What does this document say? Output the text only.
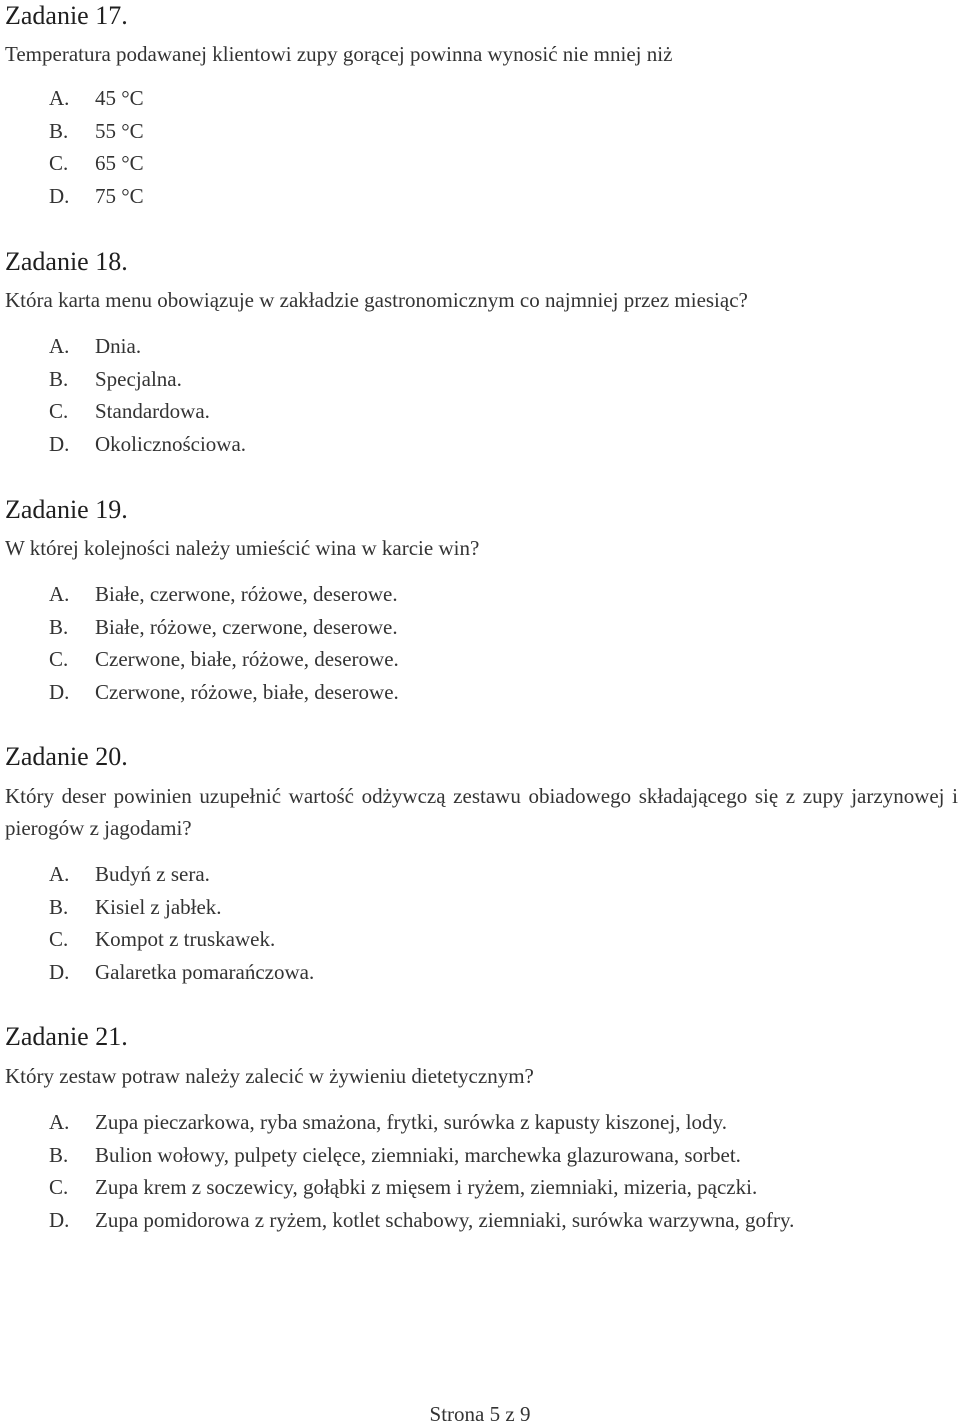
Zadanie 17.

Temperatura podawanej klientowi zupy gorącej powinna wynosić nie mniej niż

A. 45 °C
B. 55 °C
C. 65 °C
D. 75 °C
Zadanie 18.

Która karta menu obowiązuje w zakładzie gastronomicznym co najmniej przez miesiąc?

A. Dnia.
B. Specjalna.
C. Standardowa.
D. Okolicznościowa.
Zadanie 19.

W której kolejności należy umieścić wina w karcie win?

A. Białe, czerwone, różowe, deserowe.
B. Białe, różowe, czerwone, deserowe.
C. Czerwone, białe, różowe, deserowe.
D. Czerwone, różowe, białe, deserowe.
Zadanie 20.

Który deser powinien uzupełnić wartość odżywczą zestawu obiadowego składającego się z zupy jarzynowej i pierogów z jagodami?

A. Budyń z sera.
B. Kisiel z jabłek.
C. Kompot z truskawek.
D. Galaretka pomarańczowa.
Zadanie 21.

Który zestaw potraw należy zalecić w żywieniu dietetycznym?

A. Zupa pieczarkowa, ryba smażona, frytki, surówka z kapusty kiszonej, lody.
B. Bulion wołowy, pulpety cielęce, ziemniaki, marchewka glazurowana, sorbet.
C. Zupa krem z soczewicy, gołąbki z mięsem i ryżem, ziemniaki, mizeria, pączki.
D. Zupa pomidorowa z ryżem, kotlet schabowy, ziemniaki, surówka warzywna, gofry.
Strona 5 z 9
